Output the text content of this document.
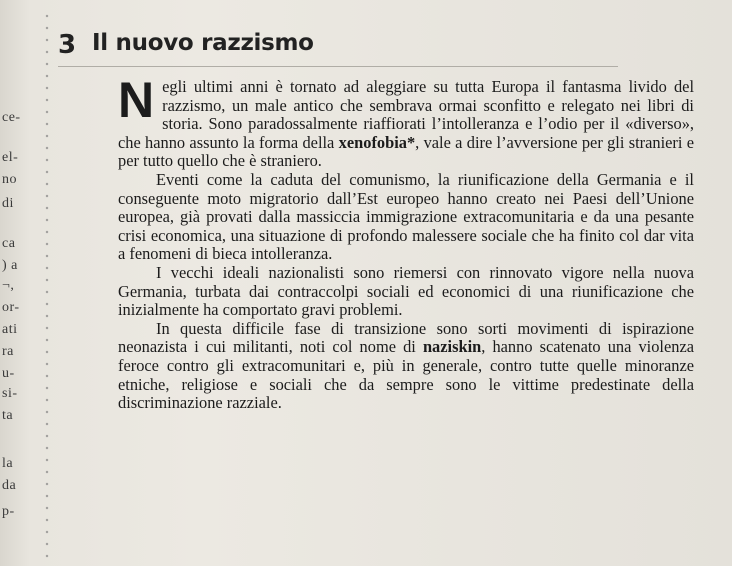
ce-
el-
no
di
ca
) a
¬,
or-
ati
ra
u-
si-
ta
la
da
p-
3 Il nuovo razzismo

Negli ultimi anni è tornato ad aleggiare su tutta Europa il fantasma livido del razzismo, un male antico che sembrava ormai sconfitto e relegato nei libri di storia. Sono paradossalmente riaffiorati l’intolleranza e l’odio per il «diverso», che hanno assunto la forma della xenofobia*, vale a dire l’avversione per gli stranieri e per tutto quello che è straniero.

Eventi come la caduta del comunismo, la riunificazione della Germania e il conseguente moto migratorio dall’Est europeo hanno creato nei Paesi dell’Unione europea, già provati dalla massiccia immigrazione extracomunitaria e da una pesante crisi economica, una situazione di profondo malessere sociale che ha finito col dar vita a fenomeni di bieca intolleranza.

I vecchi ideali nazionalisti sono riemersi con rinnovato vigore nella nuova Germania, turbata dai contraccolpi sociali ed economici di una riunificazione che inizialmente ha comportato gravi problemi.

In questa difficile fase di transizione sono sorti movimenti di ispirazione neonazista i cui militanti, noti col nome di naziskin, hanno scatenato una violenza feroce contro gli extracomunitari e, più in generale, contro tutte quelle minoranze etniche, religiose e sociali che da sempre sono le vittime predestinate della discriminazione razziale.
